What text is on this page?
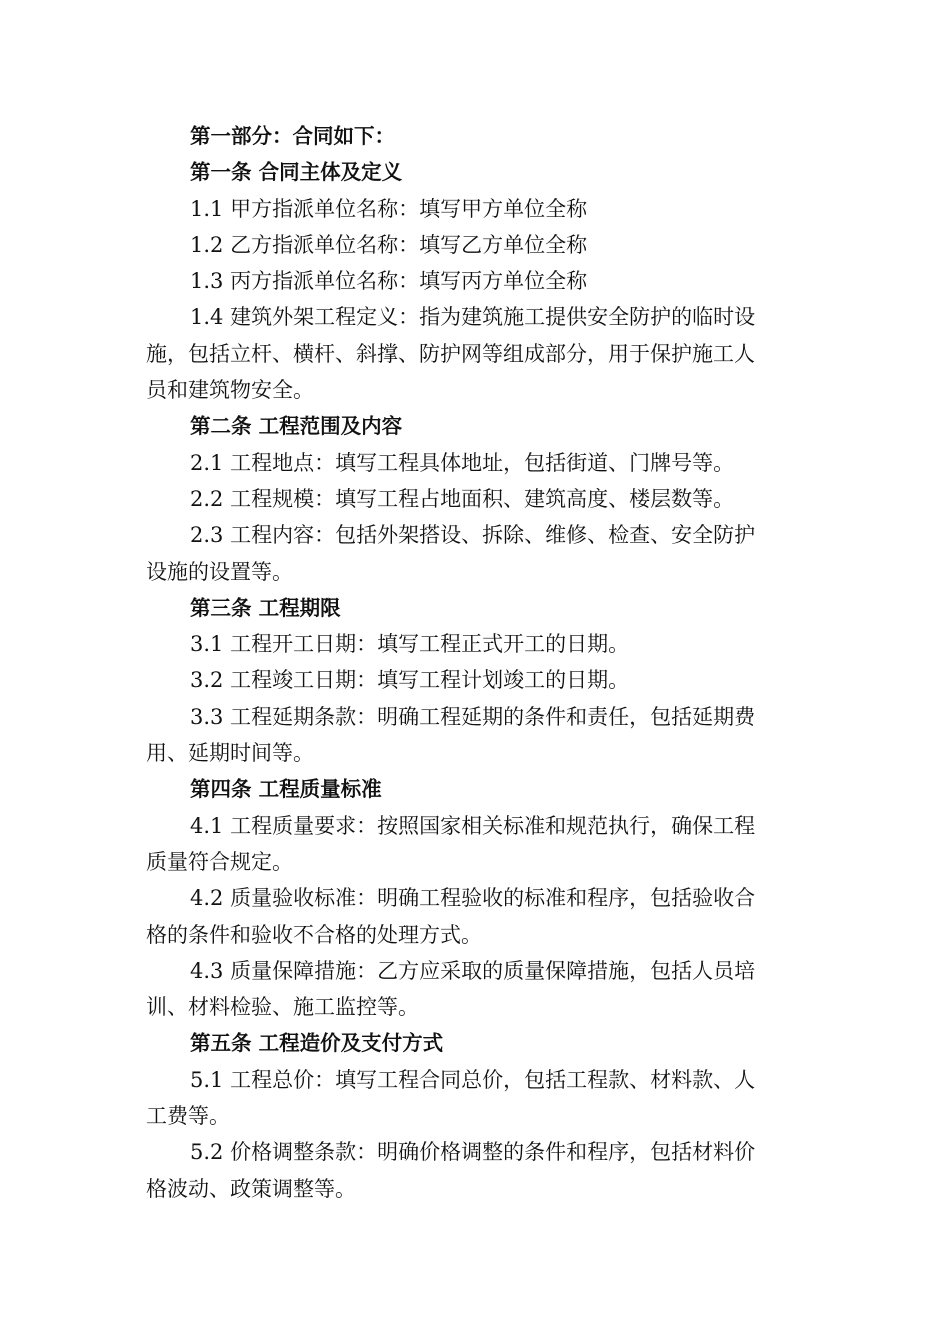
第一部分：合同如下：
第一条 合同主体及定义
1.1 甲方指派单位名称：填写甲方单位全称
1.2 乙方指派单位名称：填写乙方单位全称
1.3 丙方指派单位名称：填写丙方单位全称
1.4 建筑外架工程定义：指为建筑施工提供安全防护的临时设
施，包括立杆、横杆、斜撑、防护网等组成部分，用于保护施工人
员和建筑物安全。
第二条 工程范围及内容
2.1 工程地点：填写工程具体地址，包括街道、门牌号等。
2.2 工程规模：填写工程占地面积、建筑高度、楼层数等。
2.3 工程内容：包括外架搭设、拆除、维修、检查、安全防护
设施的设置等。
第三条 工程期限
3.1 工程开工日期：填写工程正式开工的日期。
3.2 工程竣工日期：填写工程计划竣工的日期。
3.3 工程延期条款：明确工程延期的条件和责任，包括延期费
用、延期时间等。
第四条 工程质量标准
4.1 工程质量要求：按照国家相关标准和规范执行，确保工程
质量符合规定。
4.2 质量验收标准：明确工程验收的标准和程序，包括验收合
格的条件和验收不合格的处理方式。
4.3 质量保障措施：乙方应采取的质量保障措施，包括人员培
训、材料检验、施工监控等。
第五条 工程造价及支付方式
5.1 工程总价：填写工程合同总价，包括工程款、材料款、人
工费等。
5.2 价格调整条款：明确价格调整的条件和程序，包括材料价
格波动、政策调整等。
